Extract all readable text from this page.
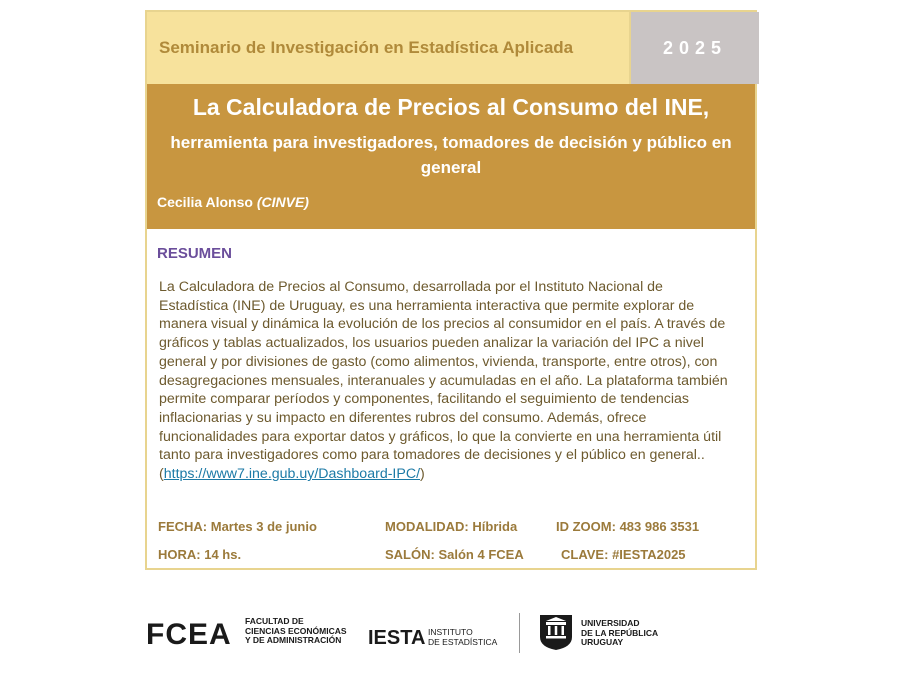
Seminario de Investigación en Estadística Aplicada	2025
La Calculadora de Precios al Consumo del INE,
herramienta para investigadores, tomadores de decisión y público en general
Cecilia Alonso (CINVE)
RESUMEN
La Calculadora de Precios al Consumo, desarrollada por el Instituto Nacional de Estadística (INE) de Uruguay, es una herramienta interactiva que permite explorar de manera visual y dinámica la evolución de los precios al consumidor en el país. A través de gráficos y tablas actualizados, los usuarios pueden analizar la variación del IPC a nivel general y por divisiones de gasto (como alimentos, vivienda, transporte, entre otros), con desagregaciones mensuales, interanuales y acumuladas en el año. La plataforma también permite comparar períodos y componentes, facilitando el seguimiento de tendencias inflacionarias y su impacto en diferentes rubros del consumo. Además, ofrece funcionalidades para exportar datos y gráficos, lo que la convierte en una herramienta útil tanto para investigadores como para tomadores de decisiones y el público en general.. (https://www7.ine.gub.uy/Dashboard-IPC/)
FECHA: Martes 3 de junio
HORA: 14 hs.
MODALIDAD: Híbrida
SALÓN: Salón 4 FCEA
ID ZOOM: 483 986 3531
CLAVE: #IESTA2025
FCEA FACULTAD DE
CIENCIAS ECONÓMICAS
Y DE ADMINISTRACIÓN IESTA INSTITUTO
DE ESTADÍSTICA
UNIVERSIDAD
DE LA REPÚBLICA
URUGUAY
